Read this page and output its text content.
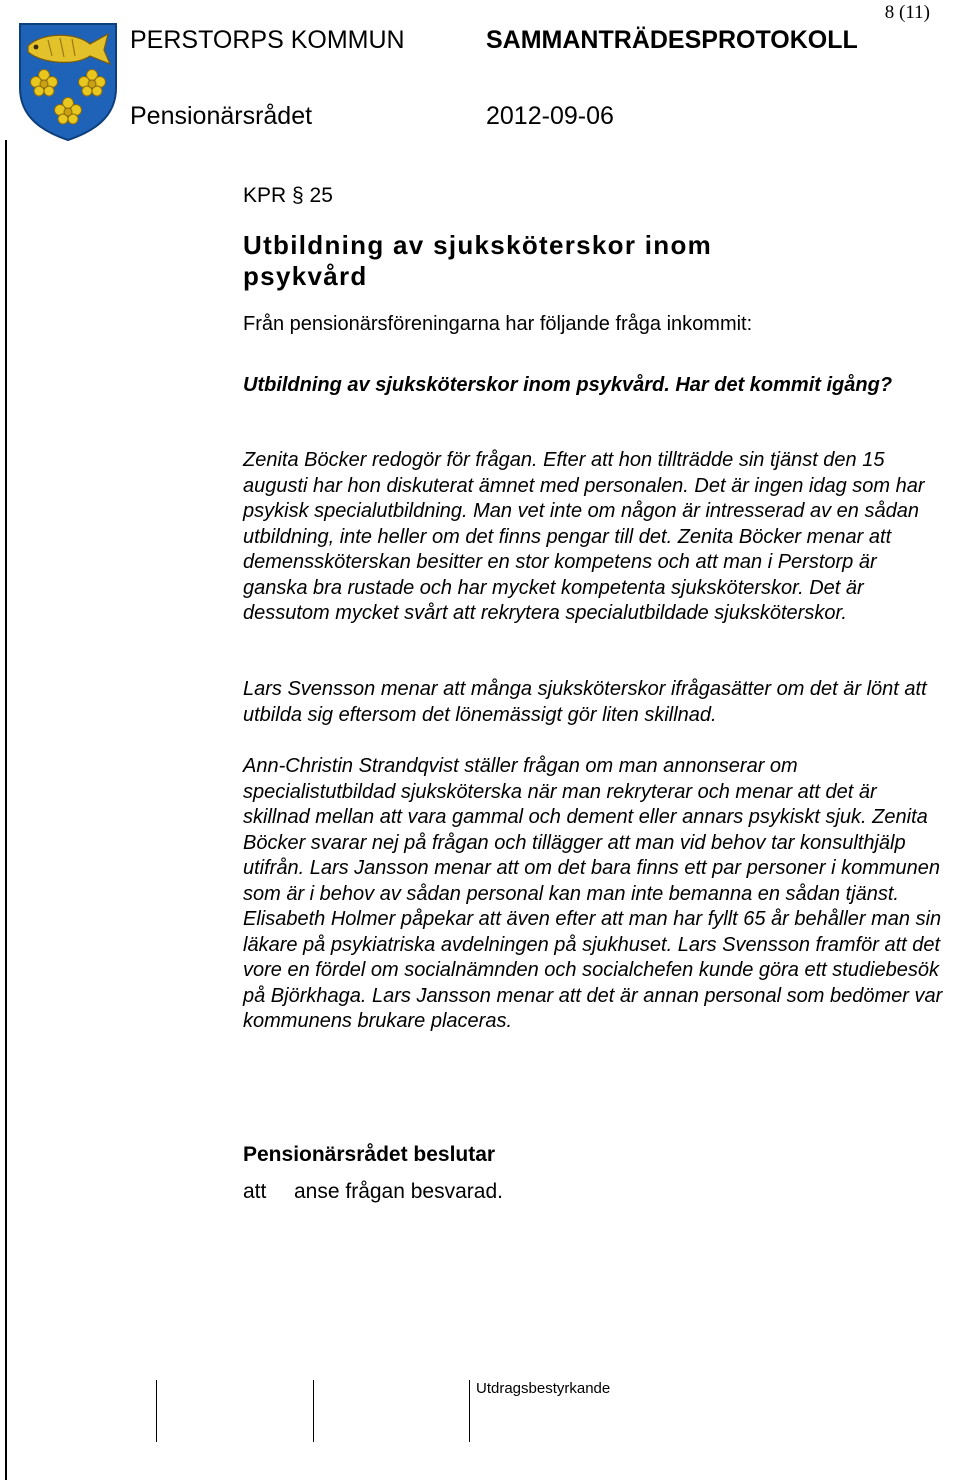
8 (11)
PERSTORPS KOMMUN	SAMMANTRÄDESPROTOKOLL
Pensionärsrådet	2012-09-06
KPR § 25
Utbildning av sjuksköterskor inom psykvård
Från pensionärsföreningarna har följande fråga inkommit:
Utbildning av sjuksköterskor inom psykvård. Har det kommit igång?
Zenita Böcker redogör för frågan. Efter att hon tillträdde sin tjänst den 15 augusti har hon diskuterat ämnet med personalen. Det är ingen idag som har psykisk specialutbildning. Man vet inte om någon är intresserad av en sådan utbildning, inte heller om det finns pengar till det. Zenita Böcker menar att demenssköterskan besitter en stor kompetens och att man i Perstorp är ganska bra rustade och har mycket kompetenta sjuksköterskor. Det är dessutom mycket svårt att rekrytera specialutbildade sjuksköterskor.
Lars Svensson menar att många sjuksköterskor ifrågasätter om det är lönt att utbilda sig eftersom det lönemässigt gör liten skillnad.
Ann-Christin Strandqvist ställer frågan om man annonserar om specialistutbildad sjuksköterska när man rekryterar och menar att det är skillnad mellan att vara gammal och dement eller annars psykiskt sjuk. Zenita Böcker svarar nej på frågan och tillägger att man vid behov tar konsulthjälp utifrån. Lars Jansson menar att om det bara finns ett par personer i kommunen som är i behov av sådan personal kan man inte bemanna en sådan tjänst. Elisabeth Holmer påpekar att även efter att man har fyllt 65 år behåller man sin läkare på psykiatriska avdelningen på sjukhuset. Lars Svensson framför att det vore en fördel om socialnämnden och socialchefen kunde göra ett studiebesök på Björkhaga. Lars Jansson menar att det är annan personal som bedömer var kommunens brukare placeras.
Pensionärsrådet beslutar
att anse frågan besvarad.
Utdragsbestyrkande
